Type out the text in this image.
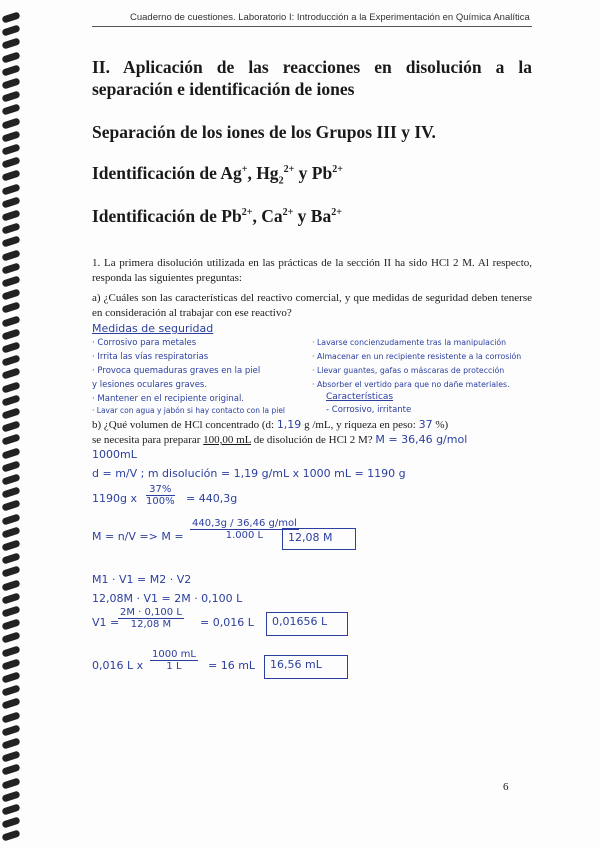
Cuaderno de cuestiones. Laboratorio I: Introducción a la Experimentación en Química Analítica
II. Aplicación de las reacciones en disolución a la separación e identificación de iones
Separación de los iones de los Grupos III y IV.
Identificación de Ag+, $Hg_2^{2+}$ y $Pb^{2+}$
Identificación de $Pb^{2+}$, $Ca^{2+}$ y $Ba^{2+}$
1. La primera disolución utilizada en las prácticas de la sección II ha sido HCl 2 M. Al respecto, responda las siguientes preguntas:
a) ¿Cuáles son las características del reactivo comercial, y que medidas de seguridad deben tenerse en consideración al trabajar con ese reactivo?
Medidas de seguridad
· Corrosivo para metales
· Irrita las vías respiratorias
· Provoca quemaduras graves en la piel
y lesiones oculares graves.
· Mantener en el recipiente original.
· Lavar con agua y jabón si hay contacto con la piel
· Lavarse concienzudamente tras la manipulación
· Almacenar en un recipiente resistente a la corrosión
· Llevar guantes, gafas o máscaras de protección
· Absorber el vertido para que no dañe materiales.
Características
- Corrosivo, irritante
b) ¿Qué volumen de HCl concentrado (d: 1,19 g /mL, y riqueza en peso: 37 %)
se necesita para preparar 100,00 mL de disolución de HCl 2 M? M = 36,46 g/mol
1000mL
d = m/V ; m disolución = 1,19 g/mL x 1000 mL = 1190 g
1190g x $\frac{37\%}{100\%} = 440,3g$
M = n/V => M =
440,3g / 36,46 g/mol
1.000 L	12,08 M
M1 · V1 = M2 · V2
12,08M · V1 = 2M · 0,100 L
V1 =
$\frac{2M \cdot 0,100 L}{12,08 M} = 0,016$ L 0,01656 L
0,016 L x $\frac{1000 mL}{1 L} = 16$ mL 16,56 mL
6
